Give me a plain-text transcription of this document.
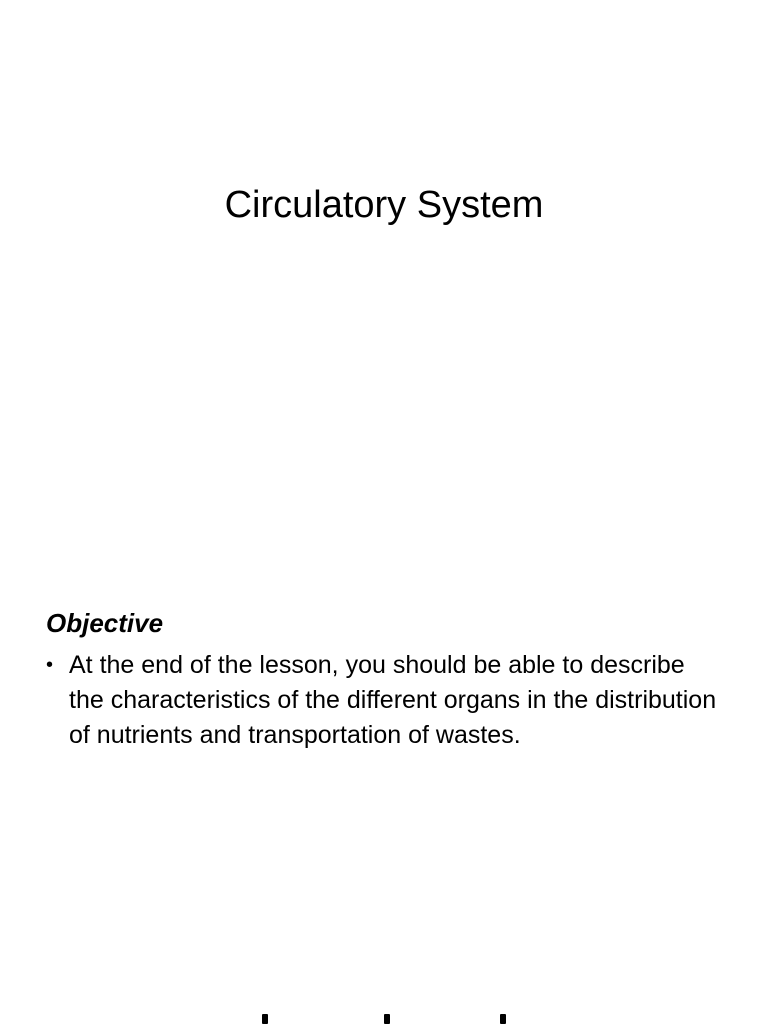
Circulatory System
Objective
• At the end of the lesson, you should be able to describe the characteristics of the different organs in the distribution of nutrients and transportation of wastes.
